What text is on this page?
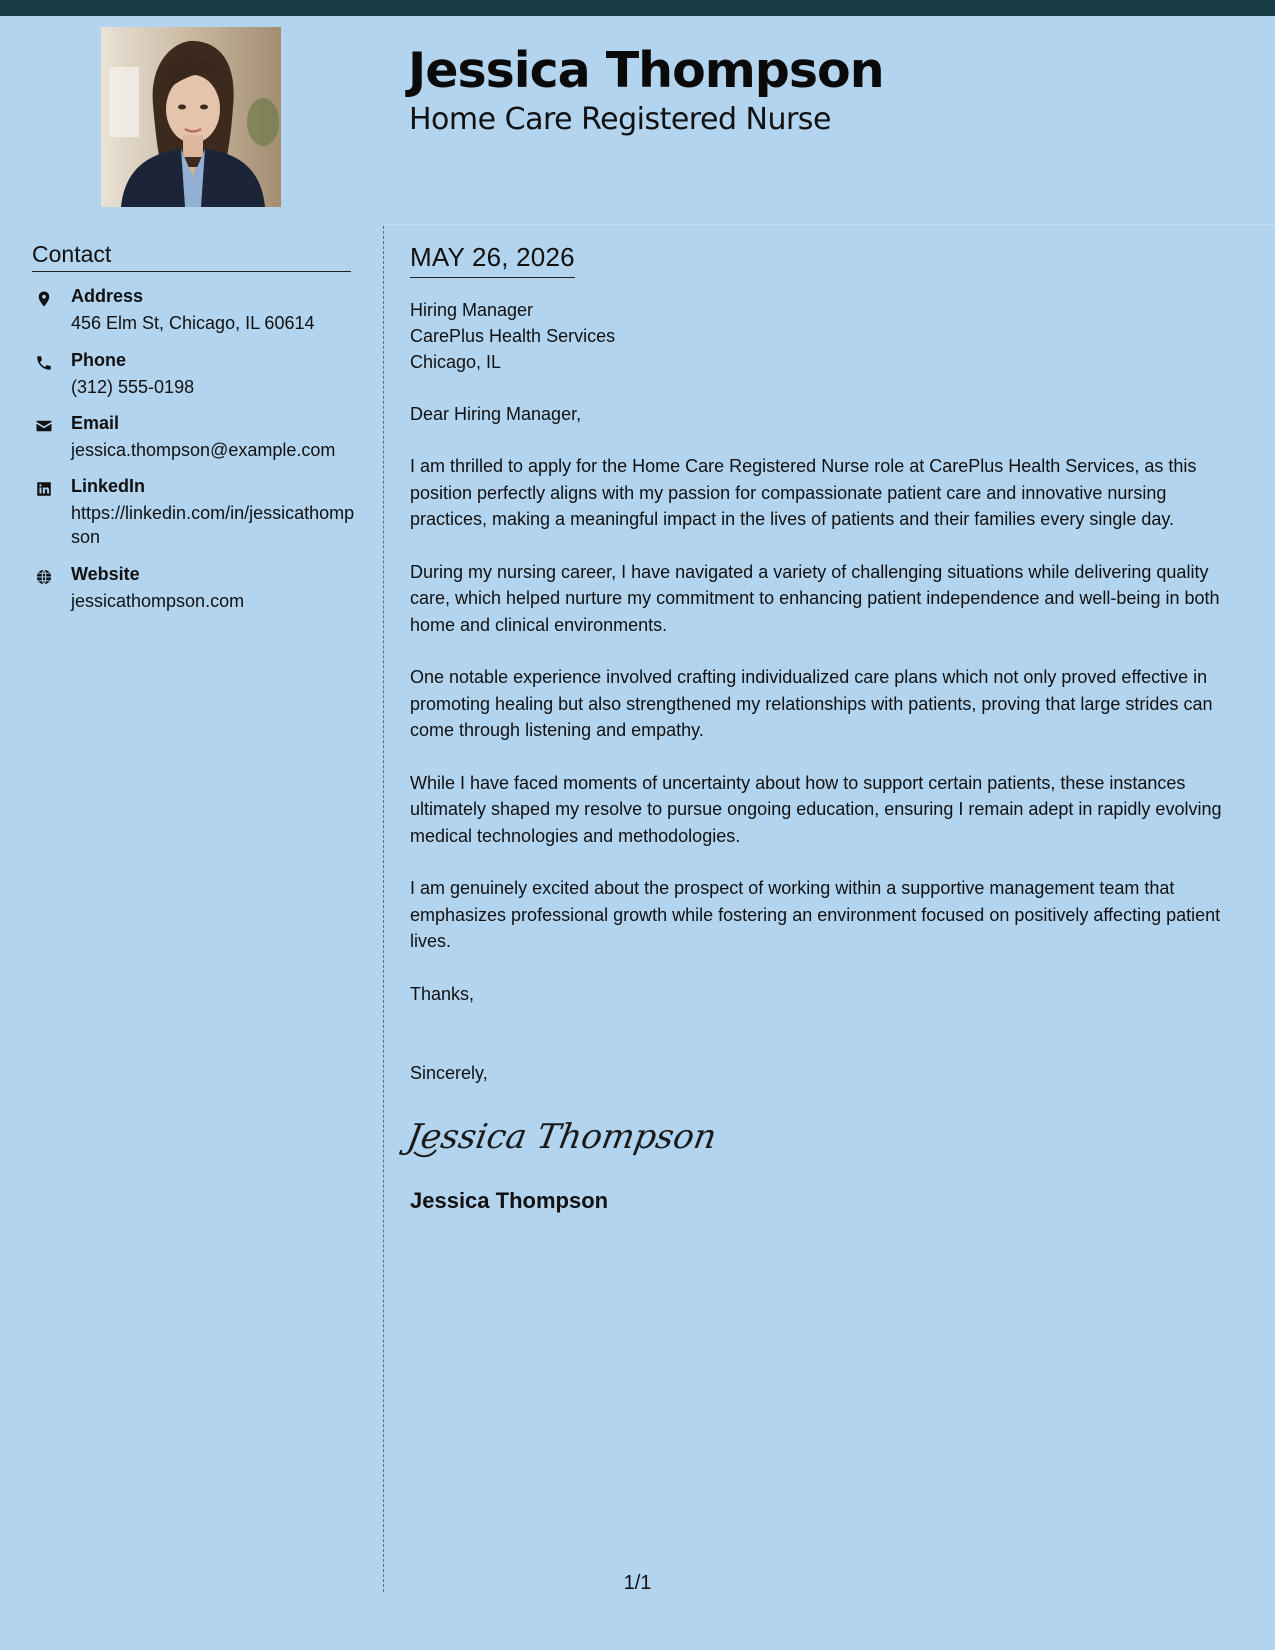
Jessica Thompson
Home Care Registered Nurse
Contact
Address
456 Elm St, Chicago, IL 60614
Phone
(312) 555-0198
Email
jessica.thompson@example.com
LinkedIn
https://linkedin.com/in/jessicathompson
Website
jessicathompson.com
MAY 26, 2026
Hiring Manager
CarePlus Health Services
Chicago, IL
Dear Hiring Manager,
I am thrilled to apply for the Home Care Registered Nurse role at CarePlus Health Services, as this position perfectly aligns with my passion for compassionate patient care and innovative nursing practices, making a meaningful impact in the lives of patients and their families every single day.
During my nursing career, I have navigated a variety of challenging situations while delivering quality care, which helped nurture my commitment to enhancing patient independence and well-being in both home and clinical environments.
One notable experience involved crafting individualized care plans which not only proved effective in promoting healing but also strengthened my relationships with patients, proving that large strides can come through listening and empathy.
While I have faced moments of uncertainty about how to support certain patients, these instances ultimately shaped my resolve to pursue ongoing education, ensuring I remain adept in rapidly evolving medical technologies and methodologies.
I am genuinely excited about the prospect of working within a supportive management team that emphasizes professional growth while fostering an environment focused on positively affecting patient lives.
Thanks,
Sincerely,
Jessica Thompson
Jessica Thompson
1/1
